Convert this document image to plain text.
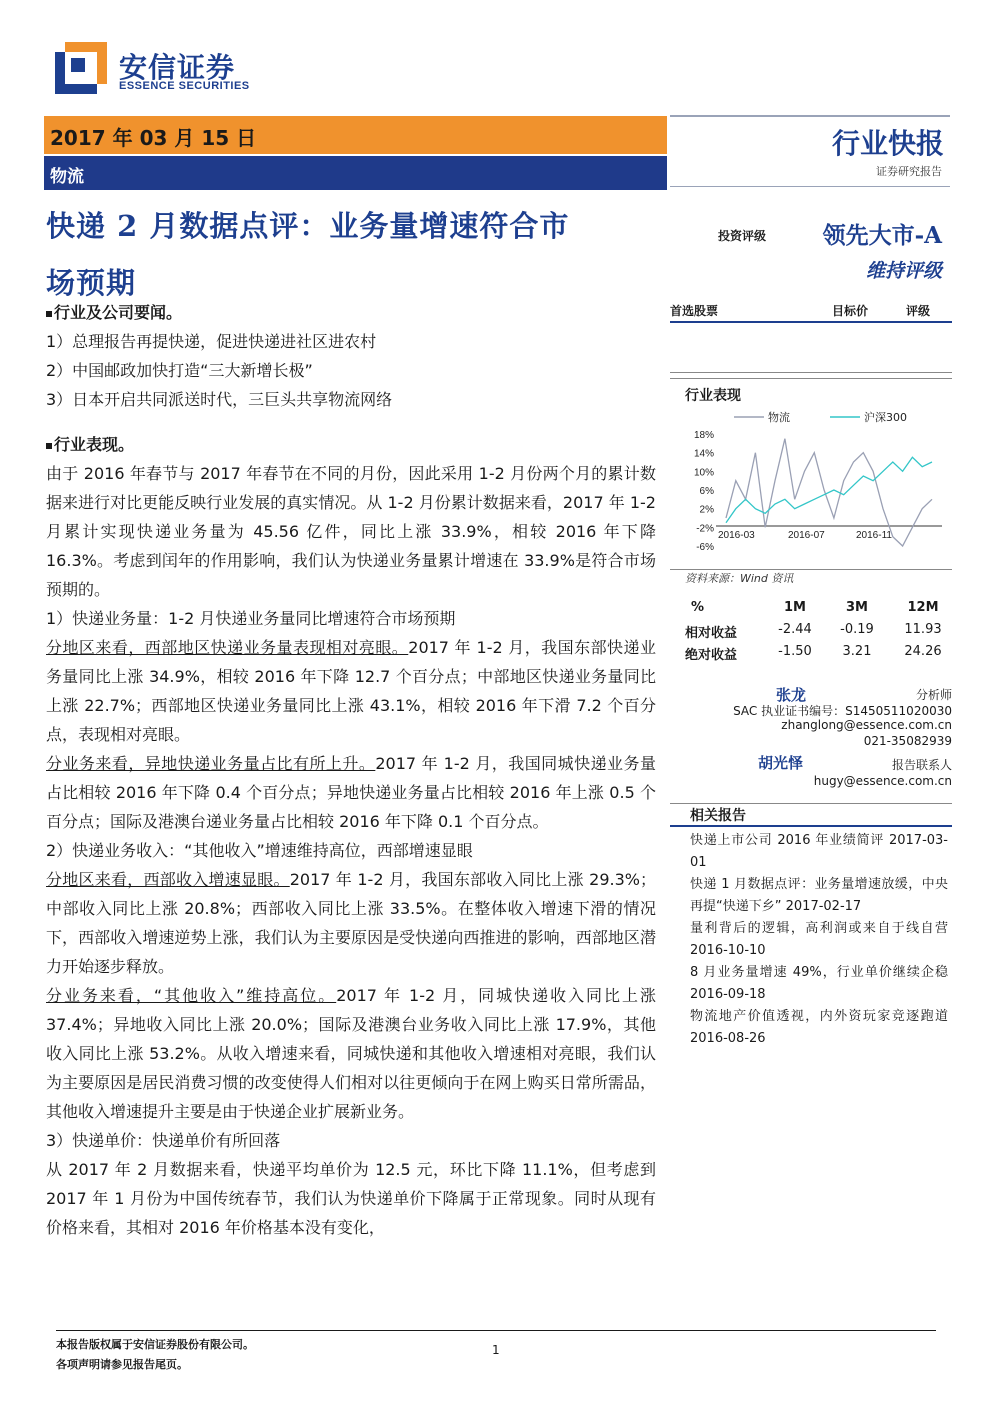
安信证券
ESSENCE SECURITIES
2017 年 03 月 15 日
物流
行业快报
证券研究报告
快递 2 月数据点评：业务量增速符合市
场预期
行业及公司要闻。
1）总理报告再提快递，促进快递进社区进农村
2）中国邮政加快打造“三大新增长极”
3）日本开启共同派送时代，三巨头共享物流网络
行业表现。
由于 2016 年春节与 2017 年春节在不同的月份，因此采用 1-2 月份两个月的累计数据来进行对比更能反映行业发展的真实情况。从 1-2 月份累计数据来看，2017 年 1-2 月累计实现快递业务量为 45.56 亿件，同比上涨 33.9%，相较 2016 年下降 16.3%。考虑到闰年的作用影响，我们认为快递业务量累计增速在 33.9%是符合市场预期的。
1）快递业务量：1-2 月快递业务量同比增速符合市场预期
分地区来看，西部地区快递业务量表现相对亮眼。2017 年 1-2 月，我国东部快递业务量同比上涨 34.9%，相较 2016 年下降 12.7 个百分点；中部地区快递业务量同比上涨 22.7%；西部地区快递业务量同比上涨 43.1%，相较 2016 年下滑 7.2 个百分点，表现相对亮眼。
分业务来看，异地快递业务量占比有所上升。2017 年 1-2 月，我国同城快递业务量占比相较 2016 年下降 0.4 个百分点；异地快递业务量占比相较 2016 年上涨 0.5 个百分点；国际及港澳台递业务量占比相较 2016 年下降 0.1 个百分点。
2）快递业务收入：“其他收入”增速维持高位，西部增速显眼
分地区来看，西部收入增速显眼。2017 年 1-2 月，我国东部收入同比上涨 29.3%；中部收入同比上涨 20.8%；西部收入同比上涨 33.5%。在整体收入增速下滑的情况下，西部收入增速逆势上涨，我们认为主要原因是受快递向西推进的影响，西部地区潜力开始逐步释放。
分业务来看，“其他收入”维持高位。2017 年 1-2 月，同城快递收入同比上涨 37.4%；异地收入同比上涨 20.0%；国际及港澳台业务收入同比上涨 17.9%，其他收入同比上涨 53.2%。从收入增速来看，同城快递和其他收入增速相对亮眼，我们认为主要原因是居民消费习惯的改变使得人们相对以往更倾向于在网上购买日常所需品，其他收入增速提升主要是由于快递企业扩展新业务。
3）快递单价：快递单价有所回落
从 2017 年 2 月数据来看，快递平均单价为 12.5 元，环比下降 11.1%，但考虑到 2017 年 1 月份为中国传统春节，我们认为快递单价下降属于正常现象。同时从现有价格来看，其相对 2016 年价格基本没有变化，
投资评级 领先大市-A
维持评级
首选股票	目标价	评级
行业表现
18%
14%
10%
6%
2%
-2%
-6%
2016-03	2016-07	2016-11
物流	沪深300
资料来源：Wind 资讯
%	1M	3M	12M
相对收益	-2.44	-0.19	11.93
绝对收益	-1.50	3.21	24.26
张龙	分析师
SAC 执业证书编号：S1450511020030
zhanglong@essence.com.cn
021-35082939
胡光怿	报告联系人
hugy@essence.com.cn
相关报告
快递上市公司 2016 年业绩简评 2017-03-01
快递 1 月数据点评：业务量增速放缓，中央再提“快递下乡” 2017-02-17
量利背后的逻辑，高利润或来自于线自营 2016-10-10
8 月业务量增速 49%，行业单价继续企稳 2016-09-18
物流地产价值透视，内外资玩家竞逐跑道 2016-08-26
本报告版权属于安信证券股份有限公司。
各项声明请参见报告尾页。
1
